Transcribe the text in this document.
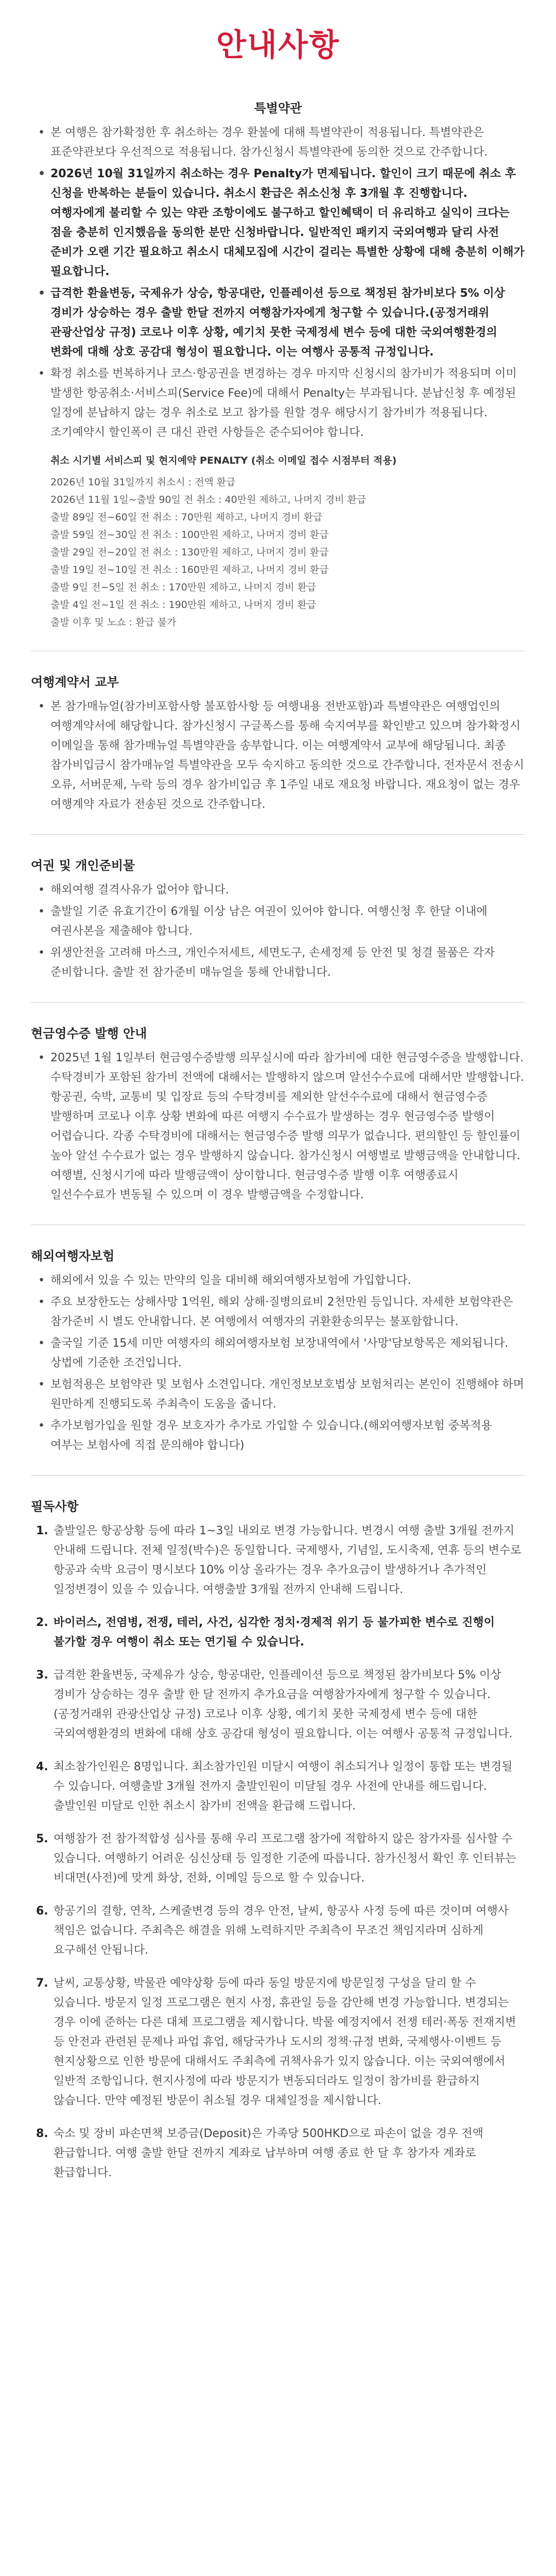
안내사항
특별약관
• 본 여행은 참가확정한 후 취소하는 경우 환불에 대해 특별약관이 적용됩니다. 특별약관은 표준약관보다 우선적으로 적용됩니다. 참가신청시 특별약관에 동의한 것으로 간주합니다.
• 2026년 10월 31일까지 취소하는 경우 Penalty가 면제됩니다. 할인이 크기 때문에 취소 후 신청을 반복하는 분들이 있습니다. 취소시 환급은 취소신청 후 3개월 후 진행합니다. 여행자에게 불리할 수 있는 약관 조항이에도 불구하고 할인혜택이 더 유리하고 실익이 크다는 점을 충분히 인지했음을 동의한 분만 신청바랍니다. 일반적인 패키지 국외여행과 달리 사전 준비가 오랜 기간 필요하고 취소시 대체모집에 시간이 걸리는 특별한 상황에 대해 충분히 이해가 필요합니다.
• 급격한 환율변동, 국제유가 상승, 항공대란, 인플레이션 등으로 책정된 참가비보다 5% 이상 경비가 상승하는 경우 출발 한달 전까지 여행참가자에게 청구할 수 있습니다.(공정거래위 관광산업상 규정) 코로나 이후 상황, 예기치 못한 국제정세 변수 등에 대한 국외여행환경의 변화에 대해 상호 공감대 형성이 필요합니다. 이는 여행사 공통적 규정입니다.
• 확정 취소를 번복하거나 코스·항공권을 변경하는 경우 마지막 신청시의 참가비가 적용되며 이미 발생한 항공취소·서비스피(Service Fee)에 대해서 Penalty는 부과됩니다. 분납신청 후 예정된 일정에 분납하지 않는 경우 취소로 보고 참가를 원할 경우 해당시기 참가비가 적용됩니다. 조기예약시 할인폭이 큰 대신 관련 사항들은 준수되어야 합니다.
취소 시기별 서비스피 및 현지예약 PENALTY (취소 이메일 접수 시점부터 적용)
2026년 10월 31일까지 취소시 : 전액 환급
2026년 11월 1일~출발 90일 전 취소 : 40만원 제하고, 나머지 경비 환급
출발 89일 전~60일 전 취소 : 70만원 제하고, 나머지 경비 환급
출발 59일 전~30일 전 취소 : 100만원 제하고, 나머지 경비 환급
출발 29일 전~20일 전 취소 : 130만원 제하고, 나머지 경비 환급
출발 19일 전~10일 전 취소 : 160만원 제하고, 나머지 경비 환급
출발 9일 전~5일 전 취소 : 170만원 제하고, 나머지 경비 환급
출발 4일 전~1일 전 취소 : 190만원 제하고, 나머지 경비 환급
출발 이후 및 노쇼 : 환급 불가
여행계약서 교부
• 본 참가매뉴얼(참가비포함사항 불포함사항 등 여행내용 전반포함)과 특별약관은 여행업인의 여행계약서에 해당합니다. 참가신청시 구글폭스를 통해 숙지여부를 확인받고 있으며 참가확정시 이메일을 통해 참가매뉴얼 특별약관을 송부합니다. 이는 여행계약서 교부에 해당됩니다. 최종 참가비입금시 참가매뉴얼 특별약관을 모두 숙지하고 동의한 것으로 간주합니다. 전자문서 전송시 오류, 서버문제, 누락 등의 경우 참가비입금 후 1주일 내로 재요청 바랍니다. 재요청이 없는 경우 여행계약 자료가 전송된 것으로 간주합니다.
여권 및 개인준비물
• 해외여행 결격사유가 없어야 합니다.
• 출발일 기준 유효기간이 6개월 이상 남은 여권이 있어야 합니다. 여행신청 후 한달 이내에 여권사본을 제출해야 합니다.
• 위생안전을 고려해 마스크, 개인수저세트, 세면도구, 손세정제 등 안전 및 청결 물품은 각자 준비합니다. 출발 전 참가준비 매뉴얼을 통해 안내합니다.
현금영수증 발행 안내
• 2025년 1월 1일부터 현금영수증발행 의무실시에 따라 참가비에 대한 현금영수증을 발행합니다. 수탁경비가 포함된 참가비 전액에 대해서는 발행하지 않으며 알선수수료에 대해서만 발행합니다. 항공권, 숙박, 교통비 및 입장료 등의 수탁경비를 제외한 알선수수료에 대해서 현금영수증 발행하며 코로나 이후 상황 변화에 따른 여행지 수수료가 발생하는 경우 현금영수증 발행이 어렵습니다. 각종 수탁경비에 대해서는 현금영수증 발행 의무가 없습니다. 편의할인 등 할인률이 높아 알선 수수료가 없는 경우 발행하지 않습니다. 참가신청시 여행별로 발행금액을 안내합니다. 여행별, 신청시기에 따라 발행금액이 상이합니다. 현금영수증 발행 이후 여행종료시 일선수수료가 변동될 수 있으며 이 경우 발행금액을 수정합니다.
해외여행자보험
• 해외에서 있을 수 있는 만약의 일을 대비해 해외여행자보험에 가입합니다.
• 주요 보장한도는 상해사망 1억원, 해외 상해·질병의료비 2천만원 등입니다. 자세한 보험약관은 참가준비 시 별도 안내합니다. 본 여행에서 여행자의 귀환환송의무는 불포함합니다.
• 출국일 기준 15세 미만 여행자의 해외여행자보험 보장내역에서 '사망'담보항목은 제외됩니다. 상법에 기준한 조건입니다.
• 보험적용은 보험약관 및 보험사 소견입니다. 개인정보보호법상 보험처리는 본인이 진행해야 하며 원만하게 진행되도록 주최측이 도움을 줍니다.
• 추가보험가입을 원할 경우 보호자가 추가로 가입할 수 있습니다.(해외여행자보험 중복적용 여부는 보험사에 직접 문의해야 합니다)
필독사항
1. 출발일은 항공상황 등에 따라 1~3일 내외로 변경 가능합니다. 변경시 여행 출발 3개월 전까지 안내해 드립니다. 전체 일정(박수)은 동일합니다. 국제행사, 기념일, 도시축제, 연휴 등의 변수로 항공과 숙박 요금이 명시보다 10% 이상 올라가는 경우 추가요금이 발생하거나 추가적인 일정변경이 있을 수 있습니다. 여행출발 3개월 전까지 안내해 드립니다.
2. 바이러스, 전염병, 전쟁, 테러, 사건, 심각한 정치·경제적 위기 등 불가피한 변수로 진행이 불가할 경우 여행이 취소 또는 연기될 수 있습니다.
3. 급격한 환율변동, 국제유가 상승, 항공대란, 인플레이션 등으로 책정된 참가비보다 5% 이상 경비가 상승하는 경우 출발 한 달 전까지 추가요금을 여행참가자에게 청구할 수 있습니다. (공정거래위 관광산업상 규정) 코로나 이후 상황, 예기치 못한 국제정세 변수 등에 대한 국외여행환경의 변화에 대해 상호 공감대 형성이 필요합니다. 이는 여행사 공통적 규정입니다.
4. 최소참가인원은 8명입니다. 최소참가인원 미달시 여행이 취소되거나 일정이 통합 또는 변경될 수 있습니다. 여행출발 3개월 전까지 출발인원이 미달될 경우 사전에 안내를 해드립니다. 출발인원 미달로 인한 취소시 참가비 전액을 환급해 드립니다.
5. 여행참가 전 참가적합성 심사를 통해 우리 프로그램 참가에 적합하지 않은 참가자를 심사할 수 있습니다. 여행하기 어려운 심신상태 등 일정한 기준에 따릅니다. 참가신청서 확인 후 인터뷰는 비대면(사전)에 맞게 화상, 전화, 이메일 등으로 할 수 있습니다.
6. 항공기의 결항, 연착, 스케줄변경 등의 경우 안전, 날씨, 항공사 사정 등에 따른 것이며 여행사 책임은 없습니다. 주최측은 해결을 위해 노력하지만 주최측이 무조건 책임지라며 심하게 요구해선 안됩니다.
7. 날씨, 교통상황, 박물관 예약상황 등에 따라 동일 방문지에 방문일정 구성을 달리 할 수 있습니다. 방문지 일정 프로그램은 현지 사정, 휴관일 등을 감안해 변경 가능합니다. 변경되는 경우 이에 준하는 다른 대체 프로그램을 제시합니다. 박물 예정지에서 전쟁 테러·폭동 전재지변 등 안전과 관련된 문제나 파업 휴업, 해당국가나 도시의 정책·규정 변화, 국제행사·이벤트 등 현지상황으로 인한 방문에 대해서도 주최측에 귀책사유가 있지 않습니다. 이는 국외여행에서 일반적 조항입니다. 현지사정에 따라 방문지가 변동되더라도 일정이 참가비를 환급하지 않습니다. 만약 예정된 방문이 취소될 경우 대체일정을 제시합니다.
8. 숙소 및 장비 파손면책 보증금(Deposit)은 가족당 500HKD으로 파손이 없을 경우 전액 환급합니다. 여행 출발 한달 전까지 계좌로 납부하며 여행 종료 한 달 후 참가자 계좌로 환급합니다.
